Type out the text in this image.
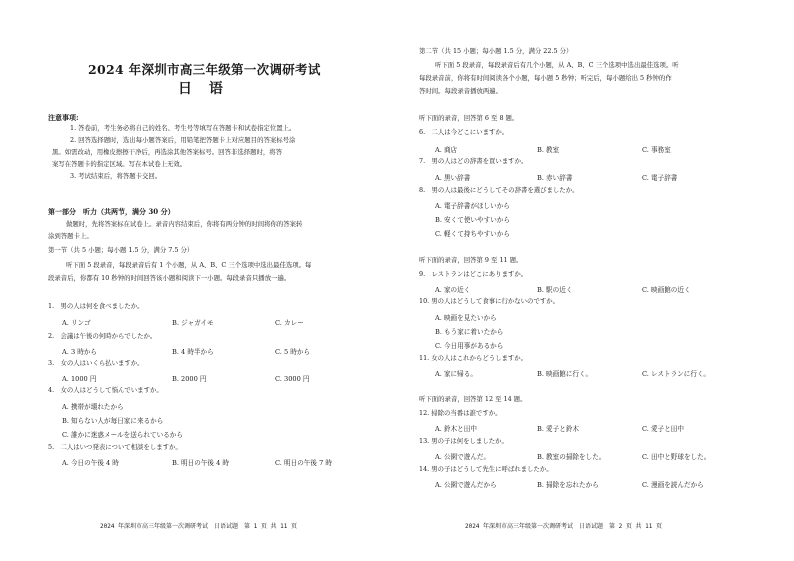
2024 年深圳市高三年级第一次调研考试
日 语
注意事项:
1. 答卷前，考生务必将自己的姓名、考生号等填写在答题卡和试卷指定位置上。
2. 回答选择题时，选出每小题答案后，用铅笔把答题卡上对应题目的答案标号涂
黑。如需改动，用橡皮擦擦干净后，再选涂其他答案标号。回答非选择题时，将答
案写在答题卡的指定区域。写在本试卷上无效。
3. 考试结束后，将答题卡交回。
第一部分　听力（共两节，满分 30 分）
做题时，先将答案标在试卷上。录音内容结束后，你将有两分钟的时间将你的答案转
涂到答题卡上。
第一节（共 5 小题；每小题 1.5 分，满分 7.5 分）
听下面 5 段录音，每段录音后有 1 个小题，从 A、B、C 三个选项中选出最佳选项。每
段录音后，你都有 10 秒钟的时间回答该小题和阅读下一小题。每段录音只播放一遍。
1.　男の人は何を食べましたか。
A. リンゴ	B. ジャガイモ	C. カレー
2.　会議は午後の何時からでしたか。
A. 3 時から	B. 4 時半から	C. 5 時から
3.　女の人はいくら払いますか。
A. 1000 円	B. 2000 円	C. 3000 円
4.　女の人はどうして悩んでいますか。
A. 携帯が壊れたから
B. 知らない人が毎日家に来るから
C. 誰かに迷惑メールを送られているから
5.　二人はいつ発表について相談をしますか。
A. 今日の午後 4 時	B. 明日の午後 4 時	C. 明日の午後 7 時
2024 年深圳市高三年级第一次调研考试　日语试题　第 1 页 共 11 页
第二节（共 15 小题；每小题 1.5 分，满分 22.5 分）
听下面 5 段录音，每段录音后有几个小题，从 A、B、C 三个选项中选出最佳选项。听
每段录音前，你将有时间阅读各个小题，每小题 5 秒钟；听完后，每小题给出 5 秒钟的作
答时间。每段录音播放两遍。
听下面的录音，回答第 6 至 8 题。
6.　二人は今どこにいますか。
A. 商店	B. 教室	C. 事務室
7.　男の人はどの辞書を買いますか。
A. 黒い辞書	B. 赤い辞書	C. 電子辞書
8.　男の人は最後にどうしてその辞書を選びましたか。
A. 電子辞書がほしいから
B. 安くて使いやすいから
C. 軽くて持ちやすいから
听下面的录音，回答第 9 至 11 题。
9.　レストランはどこにありますか。
A. 家の近く	B. 駅の近く	C. 映画館の近く
10. 男の人はどうして食事に行かないのですか。
A. 映画を見たいから
B. もう家に着いたから
C. 今日用事があるから
11. 女の人はこれからどうしますか。
A. 家に帰る。	B. 映画館に行く。	C. レストランに行く。
听下面的录音，回答第 12 至 14 题。
12. 掃除の当番は誰ですか。
A. 鈴木と田中	B. 愛子と鈴木	C. 愛子と田中
13. 男の子は何をしましたか。
A. 公園で遊んだ。	B. 教室の掃除をした。	C. 田中と野球をした。
14. 男の子はどうして先生に呼ばれましたか。
A. 公園で遊んだから	B. 掃除を忘れたから	C. 漫画を読んだから
2024 年深圳市高三年级第一次调研考试　日语试题　第 2 页 共 11 页
